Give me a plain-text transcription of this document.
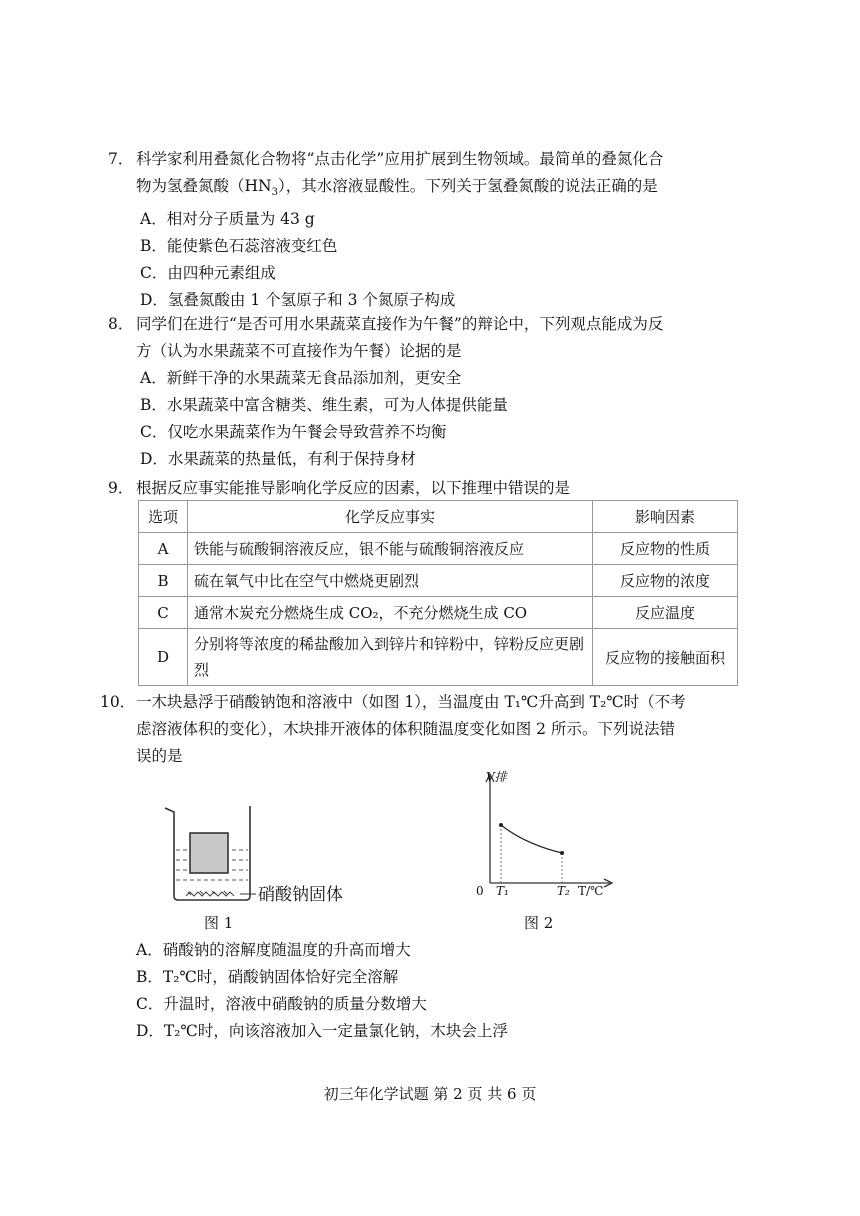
7． 科学家利用叠氮化合物将“点击化学”应用扩展到生物领域。最简单的叠氮化合
物为氢叠氮酸$(HN_3)$，其水溶液显酸性。下列关于氢叠氮酸的说法正确的是
A．相对分子质量为 43 g
B．能使紫色石蕊溶液变红色
C．由四种元素组成
D．氢叠氮酸由 1 个氢原子和 3 个氮原子构成
8． 同学们在进行“是否可用水果蔬菜直接作为午餐”的辩论中，下列观点能成为反
方（认为水果蔬菜不可直接作为午餐）论据的是
A．新鲜干净的水果蔬菜无食品添加剂，更安全
B．水果蔬菜中富含糖类、维生素，可为人体提供能量
C．仅吃水果蔬菜作为午餐会导致营养不均衡
D．水果蔬菜的热量低，有利于保持身材
9． 根据反应事实能推导影响化学反应的因素，以下推理中错误的是
选项	化学反应事实	影响因素
A	铁能与硫酸铜溶液反应，银不能与硫酸铜溶液反应	反应物的性质
B	硫在氧气中比在空气中燃烧更剧烈	反应物的浓度
C	通常木炭充分燃烧生成 CO₂，不充分燃烧生成 CO	反应温度
D	分别将等浓度的稀盐酸加入到锌片和锌粉中，锌粉反应更剧烈	反应物的接触面积
10． 一木块悬浮于硝酸钠饱和溶液中（如图 1），当温度由 T₁℃升高到 T₂℃时（不考
虑溶液体积的变化），木块排开液体的体积随温度变化如图 2 所示。下列说法错
误的是
硝酸钠固体
图 1
V排
0 T₁	T₂ T/℃
图 2
A．硝酸钠的溶解度随温度的升高而增大
B．T₂℃时，硝酸钠固体恰好完全溶解
C．升温时，溶液中硝酸钠的质量分数增大
D．T₂℃时，向该溶液加入一定量氯化钠，木块会上浮
初三年化学试题 第 2 页 共 6 页
